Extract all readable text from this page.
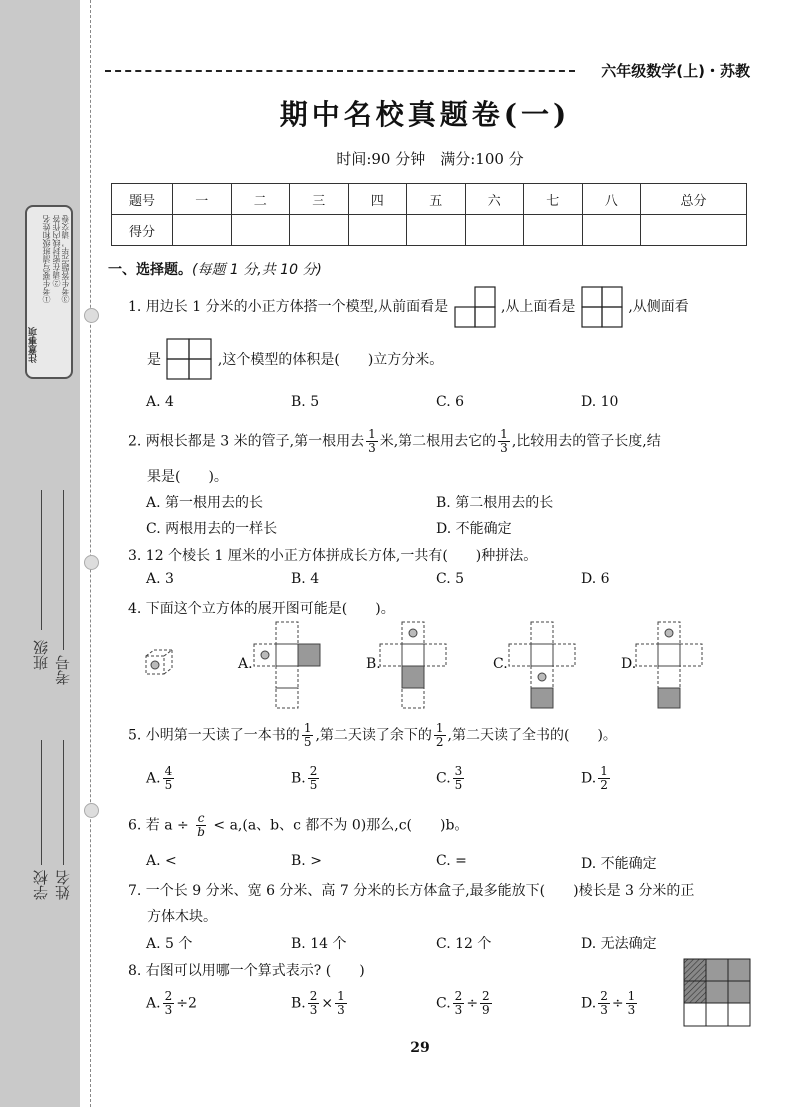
注意事项
①考生要写清班级和姓名 ②请在密封线内作答 ③考生答题完毕，请交卷
班级 考号
学校 姓名
六年级数学(上)・苏教
期中名校真题卷(一)
时间:90 分钟　满分:100 分
题号	一	二	三	四	五	六	七	八	总分
得分									
一、选择题。(每题 1 分,共 10 分)
1. 用边长 1 分米的小正方体搭一个模型,从前面看是	,从上面看是	,从侧面看
是	,这个模型的体积是(　　)立方分米。
A. 4	B. 5	C. 6	D. 10
2. 两根长都是 3 米的管子,第一根用去 $\frac{1}{3}$ 米,第二根用去它的 $\frac{1}{3}$ ,比较用去的管子长度,结
果是(　　)。
A. 第一根用去的长	B. 第二根用去的长
C. 两根用去的一样长	D. 不能确定
3. 12 个棱长 1 厘米的小正方体拼成长方体,一共有(　　)种拼法。
A. 3	B. 4	C. 5	D. 6
4. 下面这个立方体的展开图可能是(　　)。
A.	B.	C.	D.
5. 小明第一天读了一本书的 $\frac{1}{5}$ ,第二天读了余下的 $\frac{1}{2}$ ,第二天读了全书的(　　)。
A. $\frac{4}{5}$	B. $\frac{2}{5}$	C. $\frac{3}{5}$	D. $\frac{1}{2}$
6. 若 $a \div \frac{c}{b} < a,(a$、b、c 都不为 0)那么,c(　　)b。
A. <	B. >	C. =	D. 不能确定
7. 一个长 9 分米、宽 6 分米、高 7 分米的长方体盒子,最多能放下(　　)棱长是 3 分米的正
方体木块。
A. 5 个	B. 14 个	C. 12 个	D. 无法确定
8. 右图可以用哪一个算式表示? (　　)
A. $\frac{2}{3} \div 2$	B. $\frac{2}{3} \times \frac{1}{3}$	C. $\frac{2}{3} \div \frac{2}{9}$	D. $\frac{2}{3} \div \frac{1}{3}$
29
